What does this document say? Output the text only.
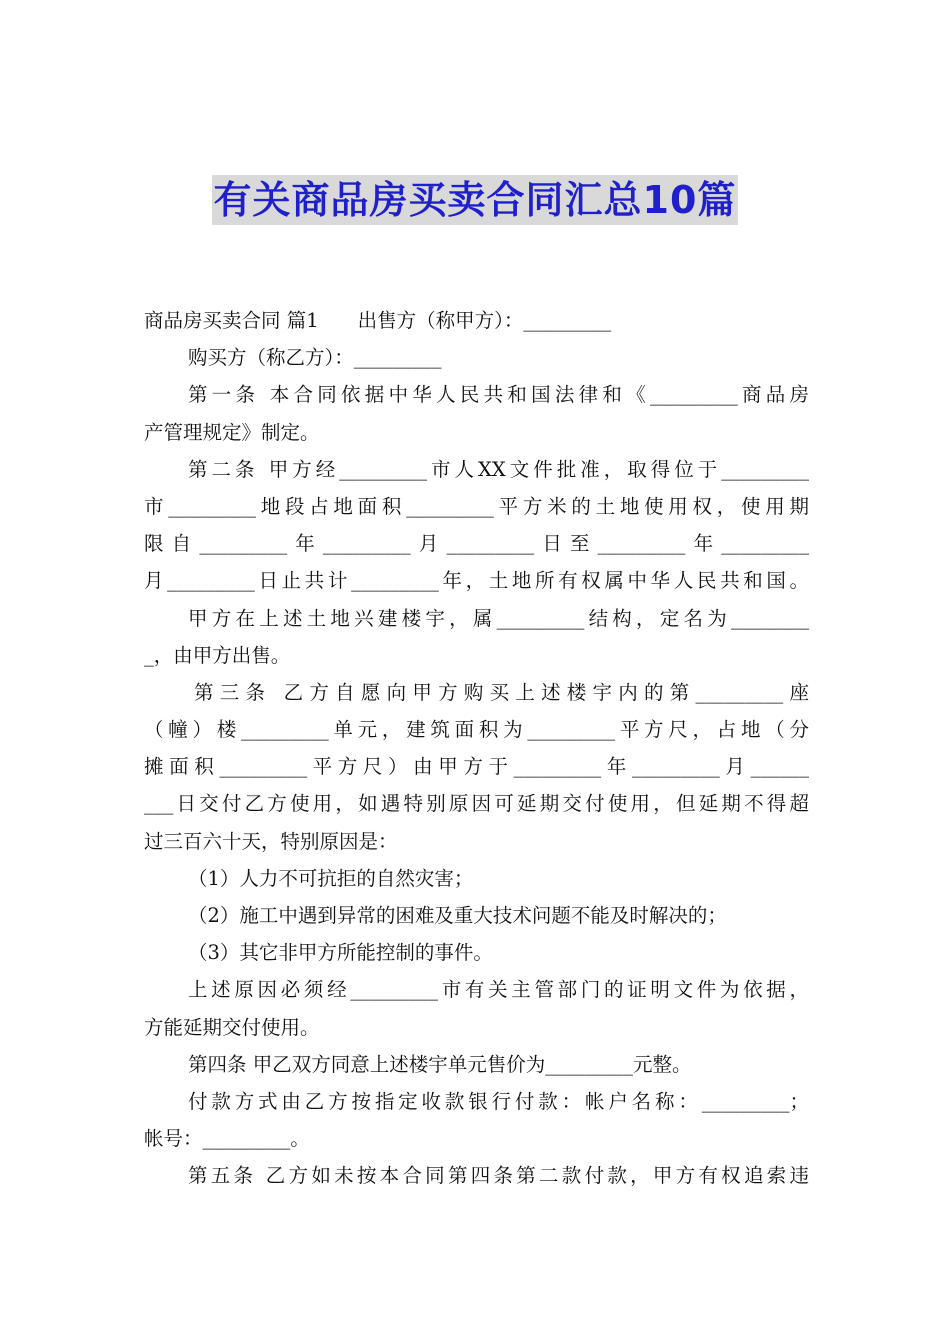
有关商品房买卖合同汇总10篇
商品房买卖合同 篇1　　出售方（称甲方）：_________
购买方（称乙方）：_________
第一条 本合同依据中华人民共和国法律和《_________商品房
产管理规定》制定。
第二条 甲方经_________市人XX文件批准，取得位于_________
市_________地段占地面积_________平方米的土地使用权，使用期
限自_________年_________月_________日至_________年_________
月_________日止共计_________年，土地所有权属中华人民共和国。
甲方在上述土地兴建楼宇，属_________结构，定名为________
_，由甲方出售。
第三条 乙方自愿向甲方购买上述楼宇内的第_________座
（幢）楼_________单元，建筑面积为_________平方尺，占地（分
摊面积_________平方尺）由甲方于_________年_________月______
___日交付乙方使用，如遇特别原因可延期交付使用，但延期不得超
过三百六十天，特别原因是：
（1）人力不可抗拒的自然灾害；
（2）施工中遇到异常的困难及重大技术问题不能及时解决的；
（3）其它非甲方所能控制的事件。
上述原因必须经_________市有关主管部门的证明文件为依据，
方能延期交付使用。
第四条 甲乙双方同意上述楼宇单元售价为_________元整。
付款方式由乙方按指定收款银行付款：帐户名称：_________；
帐号：_________。
第五条 乙方如未按本合同第四条第二款付款，甲方有权追索违
